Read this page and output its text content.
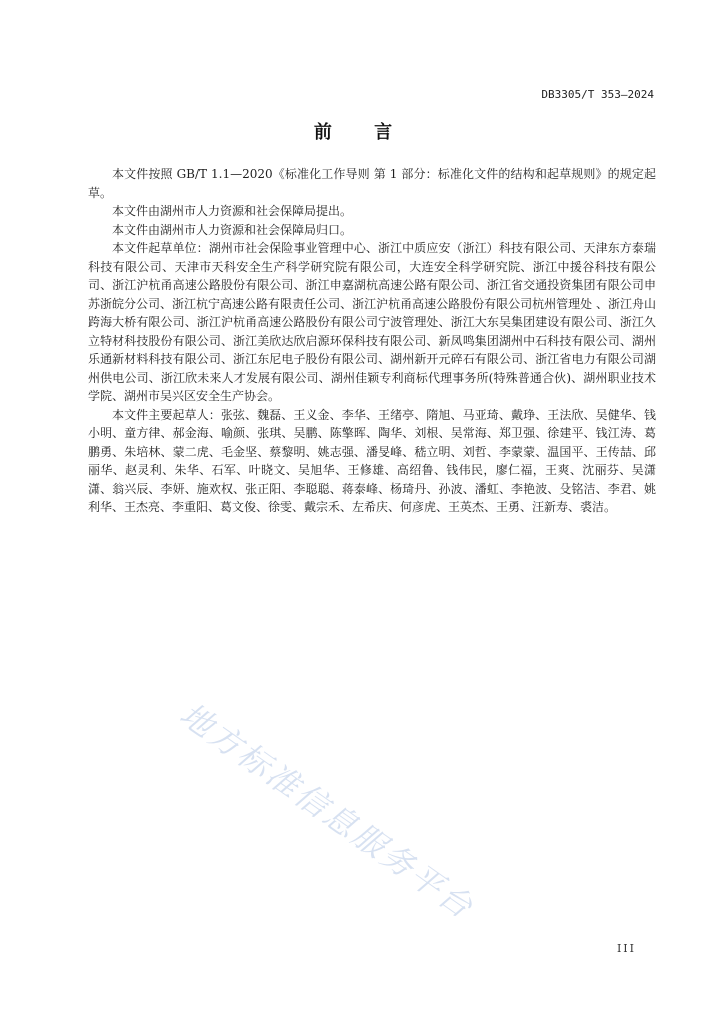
DB3305/T 353—2024
前 言

本文件按照 GB/T 1.1—2020《标准化工作导则 第 1 部分：标准化文件的结构和起草规则》的规定起草。

本文件由湖州市人力资源和社会保障局提出。

本文件由湖州市人力资源和社会保障局归口。

本文件起草单位：湖州市社会保险事业管理中心、浙江中质应安（浙江）科技有限公司、天津东方泰瑞科技有限公司、天津市天科安全生产科学研究院有限公司，大连安全科学研究院、浙江中援谷科技有限公司、浙江沪杭甬高速公路股份有限公司、浙江申嘉湖杭高速公路有限公司、浙江省交通投资集团有限公司申苏浙皖分公司、浙江杭宁高速公路有限责任公司、浙江沪杭甬高速公路股份有限公司杭州管理处 、浙江舟山跨海大桥有限公司、浙江沪杭甬高速公路股份有限公司宁波管理处、浙江大东吴集团建设有限公司、浙江久立特材科技股份有限公司、浙江美欣达欣启源环保科技有限公司、新凤鸣集团湖州中石科技有限公司、湖州乐通新材料科技有限公司、浙江东尼电子股份有限公司、湖州新开元碎石有限公司、浙江省电力有限公司湖州供电公司、浙江欣未来人才发展有限公司、湖州佳颖专利商标代理事务所(特殊普通合伙)、湖州职业技术学院、湖州市吴兴区安全生产协会。

本文件主要起草人：张弦、魏磊、王义金、李华、王绪亭、隋旭、马亚琦、戴琤、王法欣、吴健华、钱小明、童方律、郝金海、喻颜、张琪、吴鹏、陈擎晖、陶华、刘根、吴常海、郑卫强、徐建平、钱江涛、葛鹏勇、朱培林、蒙二虎、毛金坚、蔡黎明、姚志强、潘旻峰、嵇立明、刘哲、李蒙蒙、温国平、王传喆、邱丽华、赵灵利、朱华、石军、叶晓文、吴旭华、王修雄、高绍鲁、钱伟民，廖仁福，王爽、沈丽芬、吴潇潇、翁兴辰、李妍、施欢权、张正阳、李聪聪、蒋泰峰、杨琦丹、孙波、潘虹、李艳波、殳铭洁、李君、姚利华、王杰亮、李重阳、葛文俊、徐雯、戴宗禾、左希庆、何彦虎、王英杰、王勇、汪新寿、裘洁。

地方标准信息服务平台
III
